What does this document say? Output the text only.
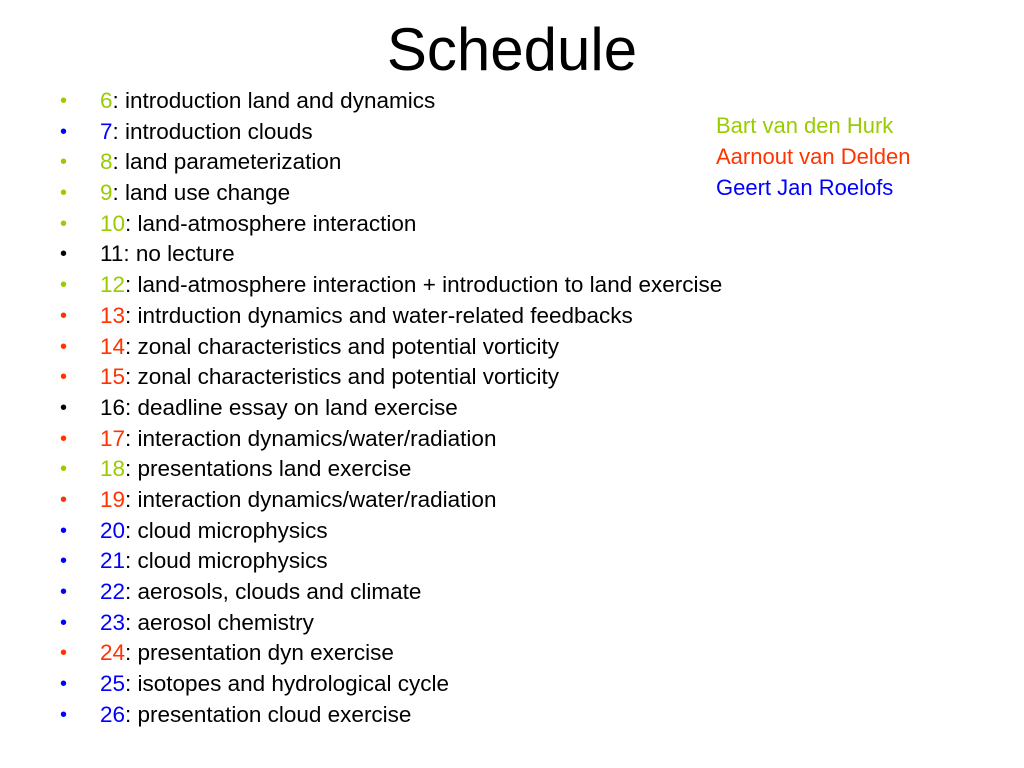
Schedule
•	6: introduction land and dynamics
•	7: introduction clouds
•	8: land parameterization
•	9: land use change
•	10: land-atmosphere interaction
•	11: no lecture
•	12: land-atmosphere interaction + introduction to land exercise
•	13: intrduction dynamics and water-related feedbacks
•	14: zonal characteristics and potential vorticity
•	15: zonal characteristics and potential vorticity
•	16: deadline essay on land exercise
•	17: interaction dynamics/water/radiation
•	18: presentations land exercise
•	19: interaction dynamics/water/radiation
•	20: cloud microphysics
•	21: cloud microphysics
•	22: aerosols, clouds and climate
•	23: aerosol chemistry
•	24: presentation dyn exercise
•	25: isotopes and hydrological cycle
•	26: presentation cloud exercise
Bart van den Hurk
Aarnout van Delden
Geert Jan Roelofs
